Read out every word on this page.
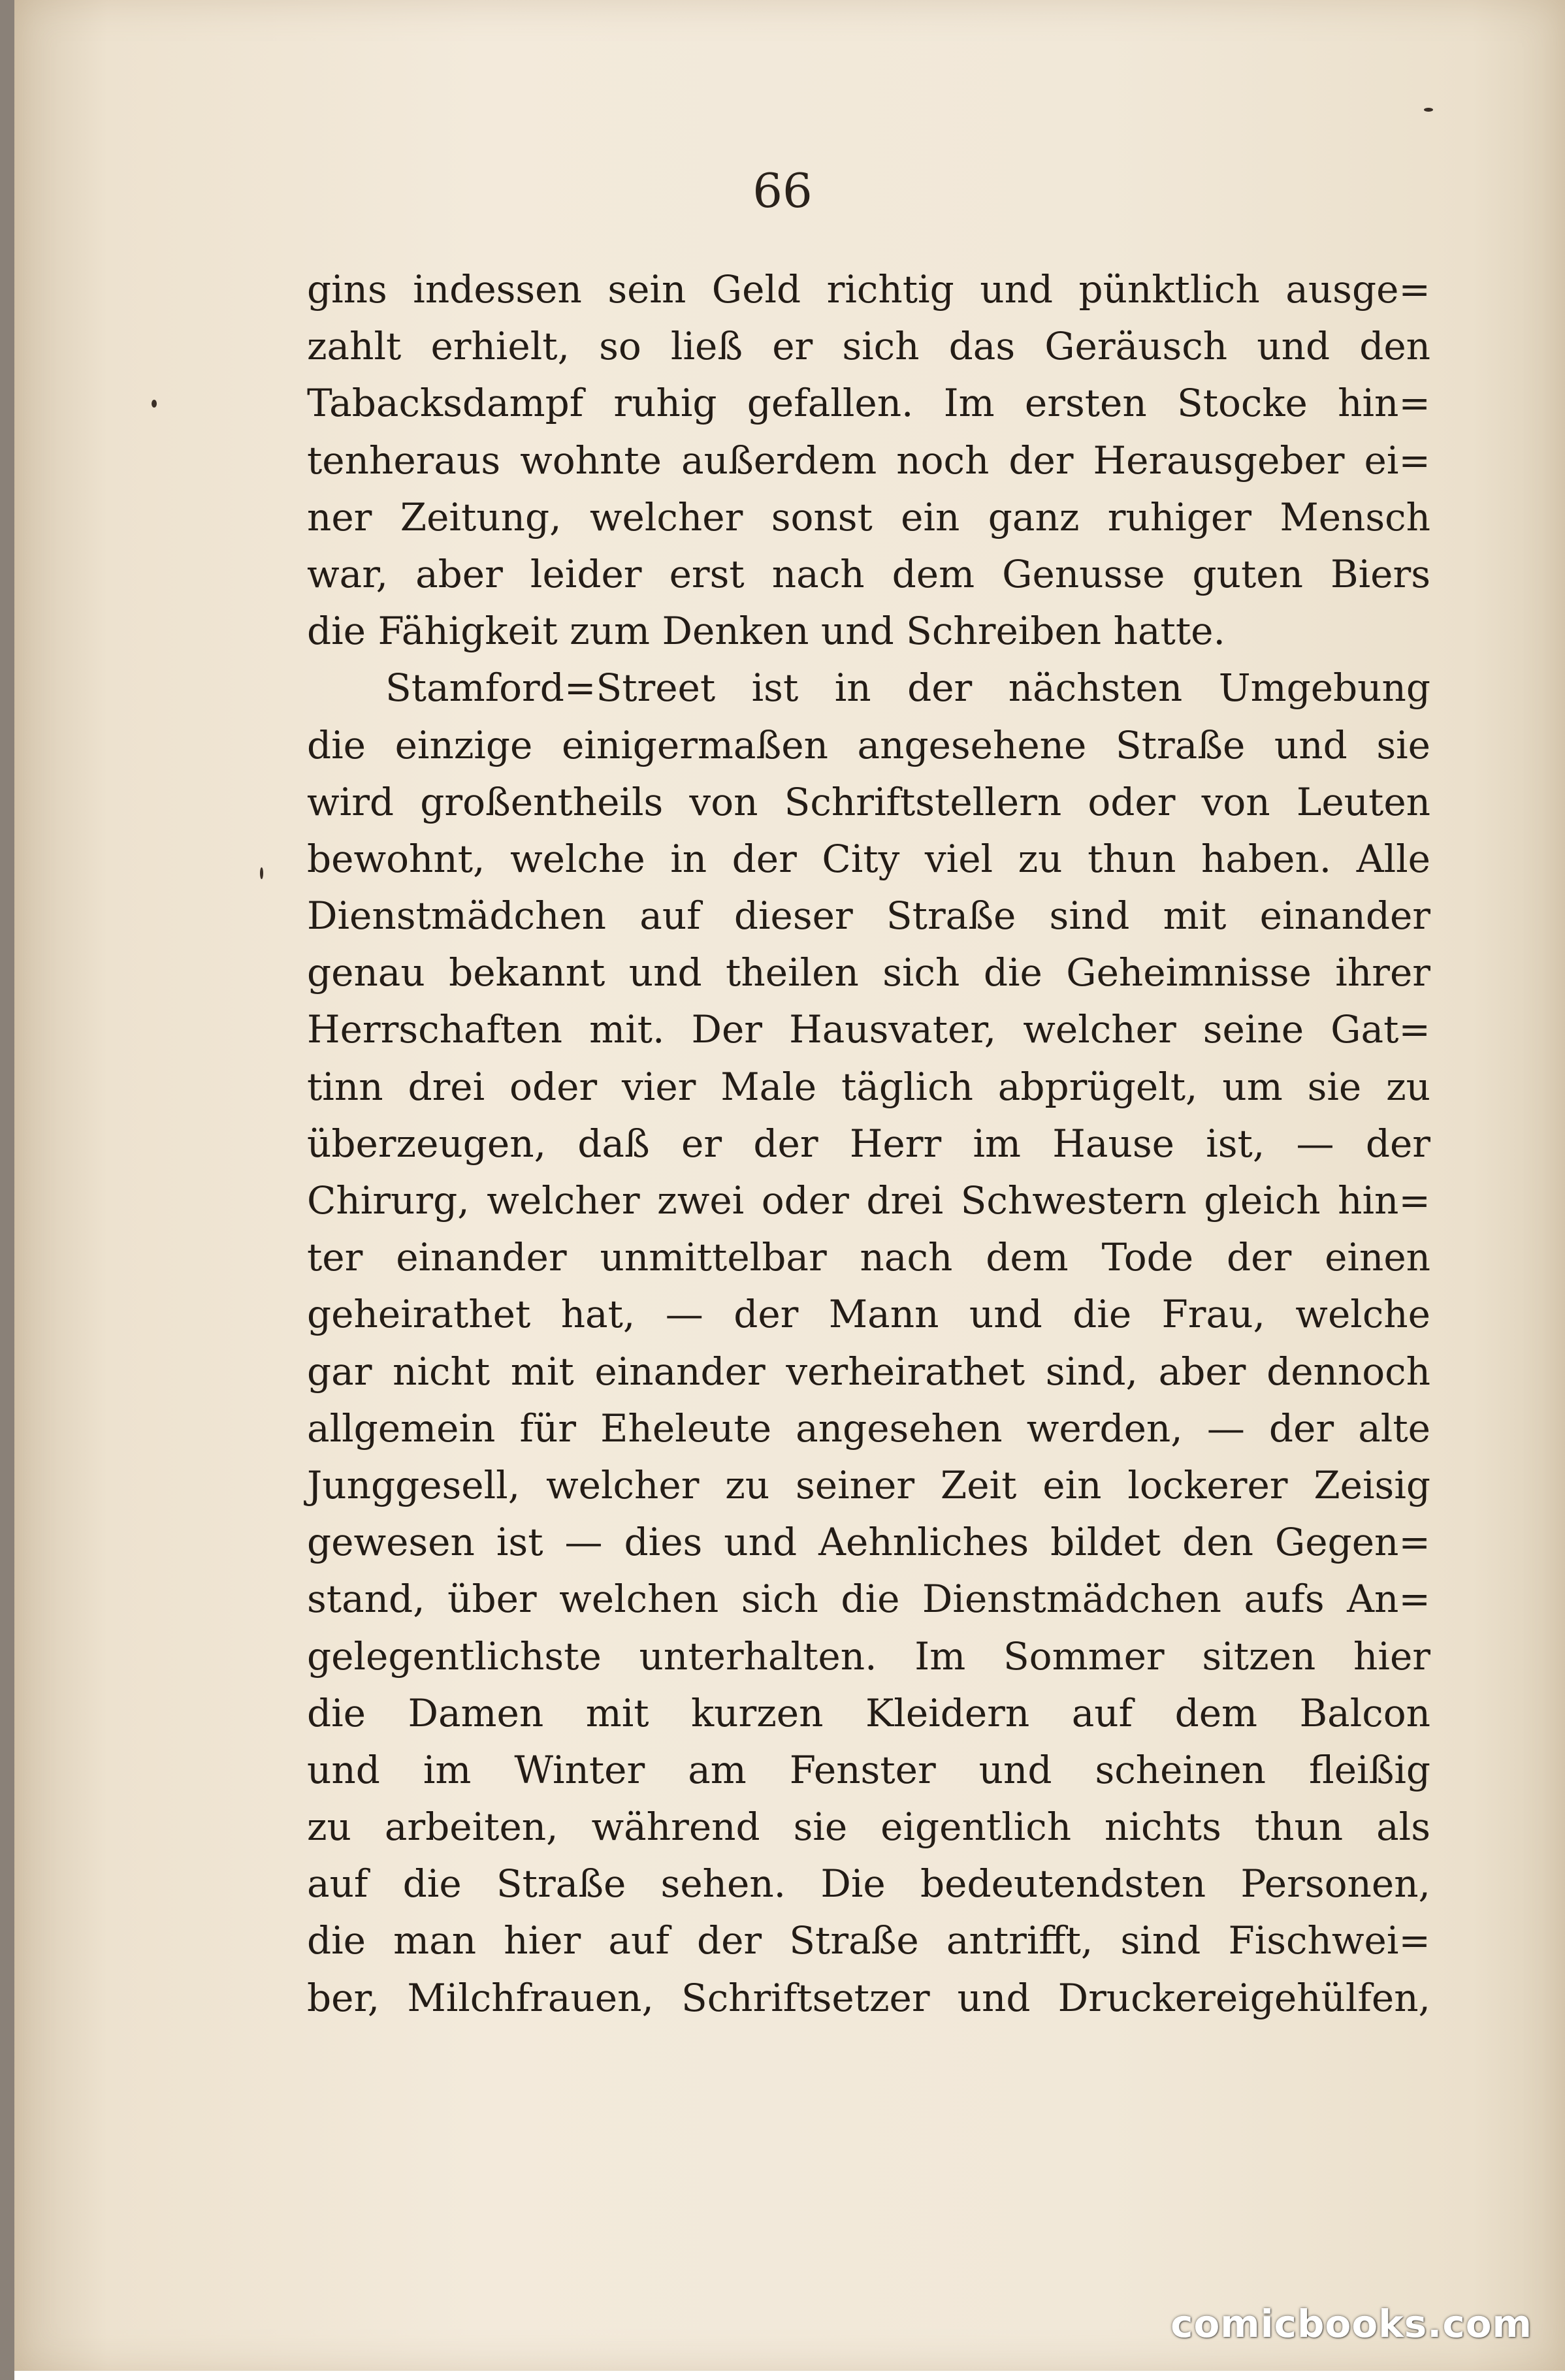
66
gins indessen sein Geld richtig und pünktlich ausge=
zahlt erhielt, so ließ er sich das Geräusch und den
Tabacksdampf ruhig gefallen. Im ersten Stocke hin=
tenheraus wohnte außerdem noch der Herausgeber ei=
ner Zeitung, welcher sonst ein ganz ruhiger Mensch
war, aber leider erst nach dem Genusse guten Biers
die Fähigkeit zum Denken und Schreiben hatte.
Stamford=Street ist in der nächsten Umgebung
die einzige einigermaßen angesehene Straße und sie
wird großentheils von Schriftstellern oder von Leuten
bewohnt, welche in der City viel zu thun haben. Alle
Dienstmädchen auf dieser Straße sind mit einander
genau bekannt und theilen sich die Geheimnisse ihrer
Herrschaften mit. Der Hausvater, welcher seine Gat=
tinn drei oder vier Male täglich abprügelt, um sie zu
überzeugen, daß er der Herr im Hause ist, — der
Chirurg, welcher zwei oder drei Schwestern gleich hin=
ter einander unmittelbar nach dem Tode der einen
geheirathet hat, — der Mann und die Frau, welche
gar nicht mit einander verheirathet sind, aber dennoch
allgemein für Eheleute angesehen werden, — der alte
Junggesell, welcher zu seiner Zeit ein lockerer Zeisig
gewesen ist — dies und Aehnliches bildet den Gegen=
stand, über welchen sich die Dienstmädchen aufs An=
gelegentlichste unterhalten. Im Sommer sitzen hier
die Damen mit kurzen Kleidern auf dem Balcon
und im Winter am Fenster und scheinen fleißig
zu arbeiten, während sie eigentlich nichts thun als
auf die Straße sehen. Die bedeutendsten Personen,
die man hier auf der Straße antrifft, sind Fischwei=
ber, Milchfrauen, Schriftsetzer und Druckereigehülfen,
comicbooks.com
